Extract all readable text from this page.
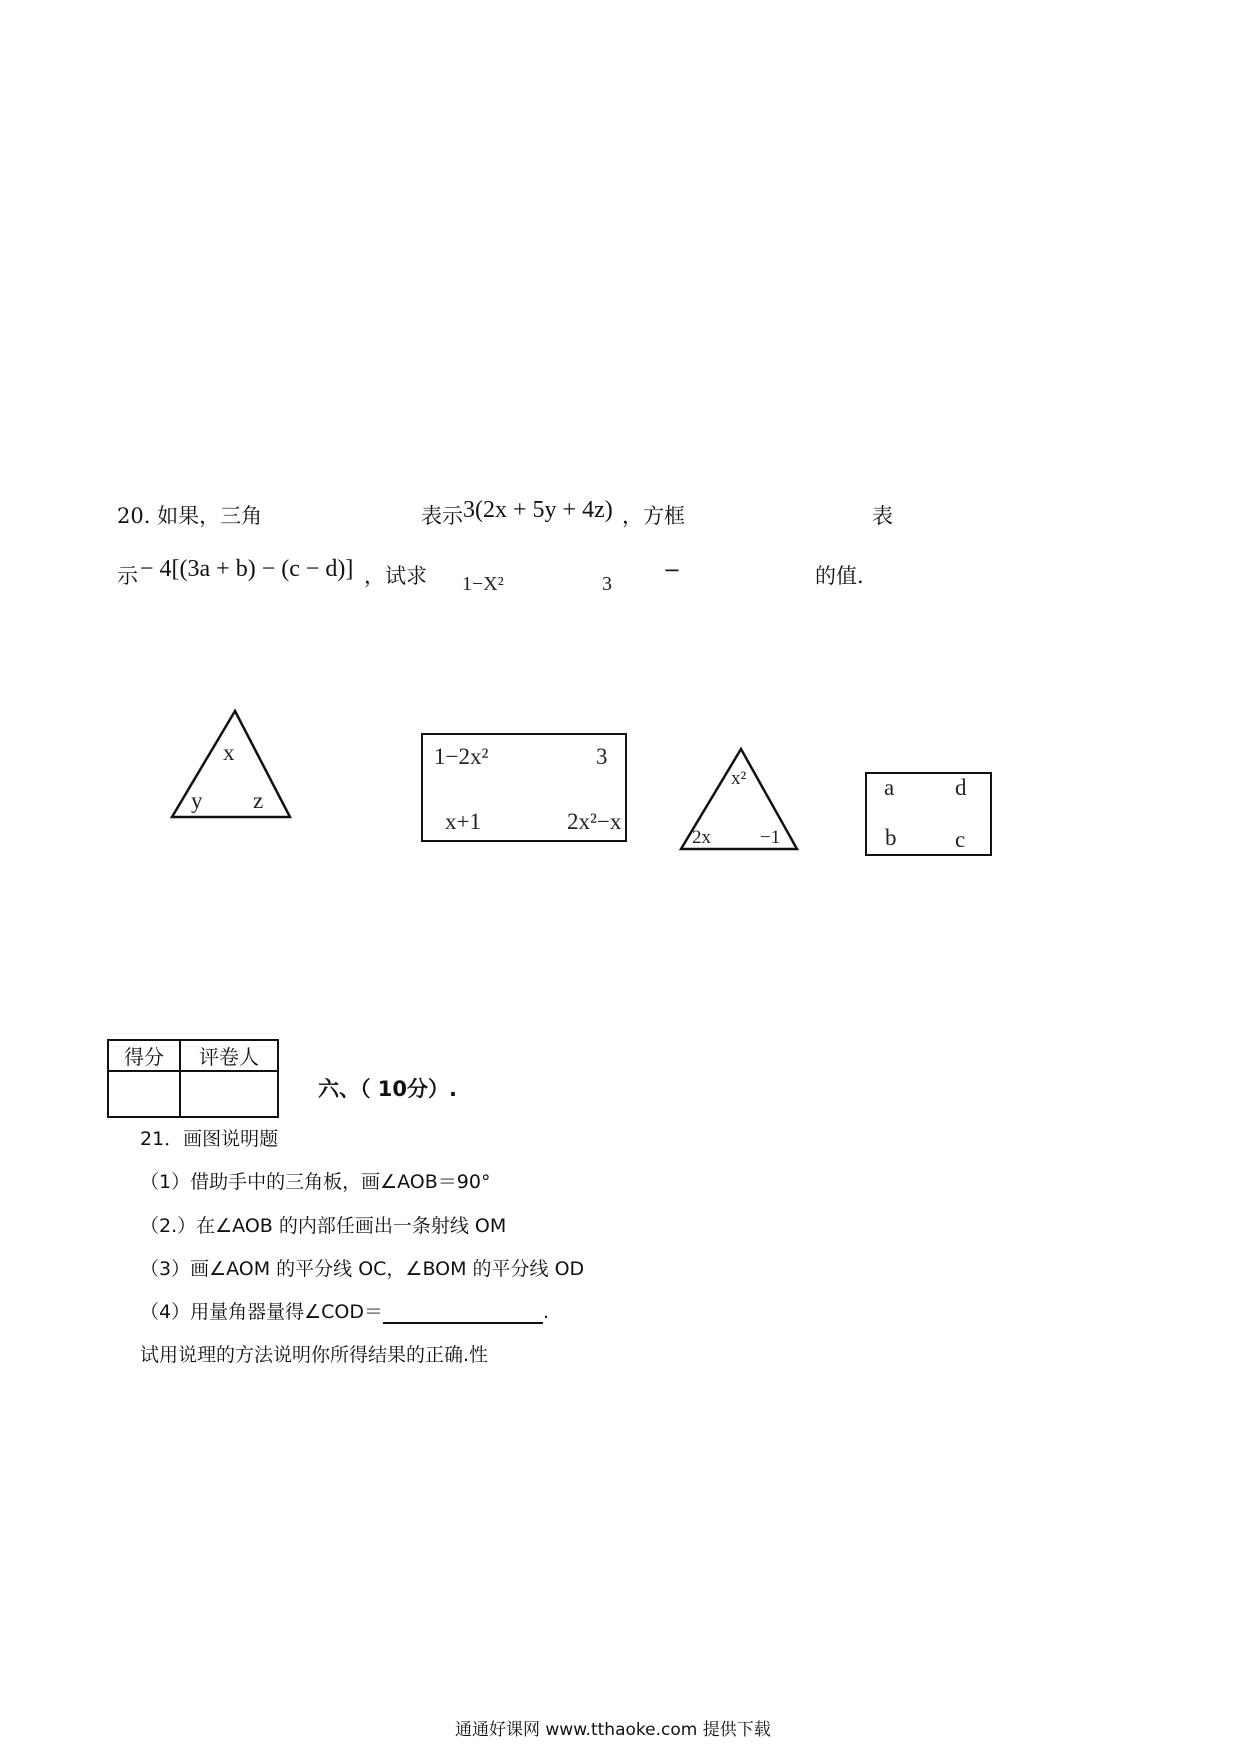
20. 如果，三角	表示 3(2x + 5y + 4z) ，方框	表
示 − 4[(3a + b) − (c − d)] ，试求 1−X²	3
−	的值.
x
y z
1−2x²	3
x+1	2x²−x
x²
2x	−1
a	d
b	c
得分	评卷人

六、（ 10分）.
21．画图说明题
（1）借助手中的三角板，画∠AOB＝90°
（2.）在∠AOB 的内部任画出一条射线 OM
（3）画∠AOM 的平分线 OC，∠BOM 的平分线 OD
（4）用量角器量得∠COD＝	.
试用说理的方法说明你所得结果的正确.性
通通好课网 www.tthaoke.com 提供下载
